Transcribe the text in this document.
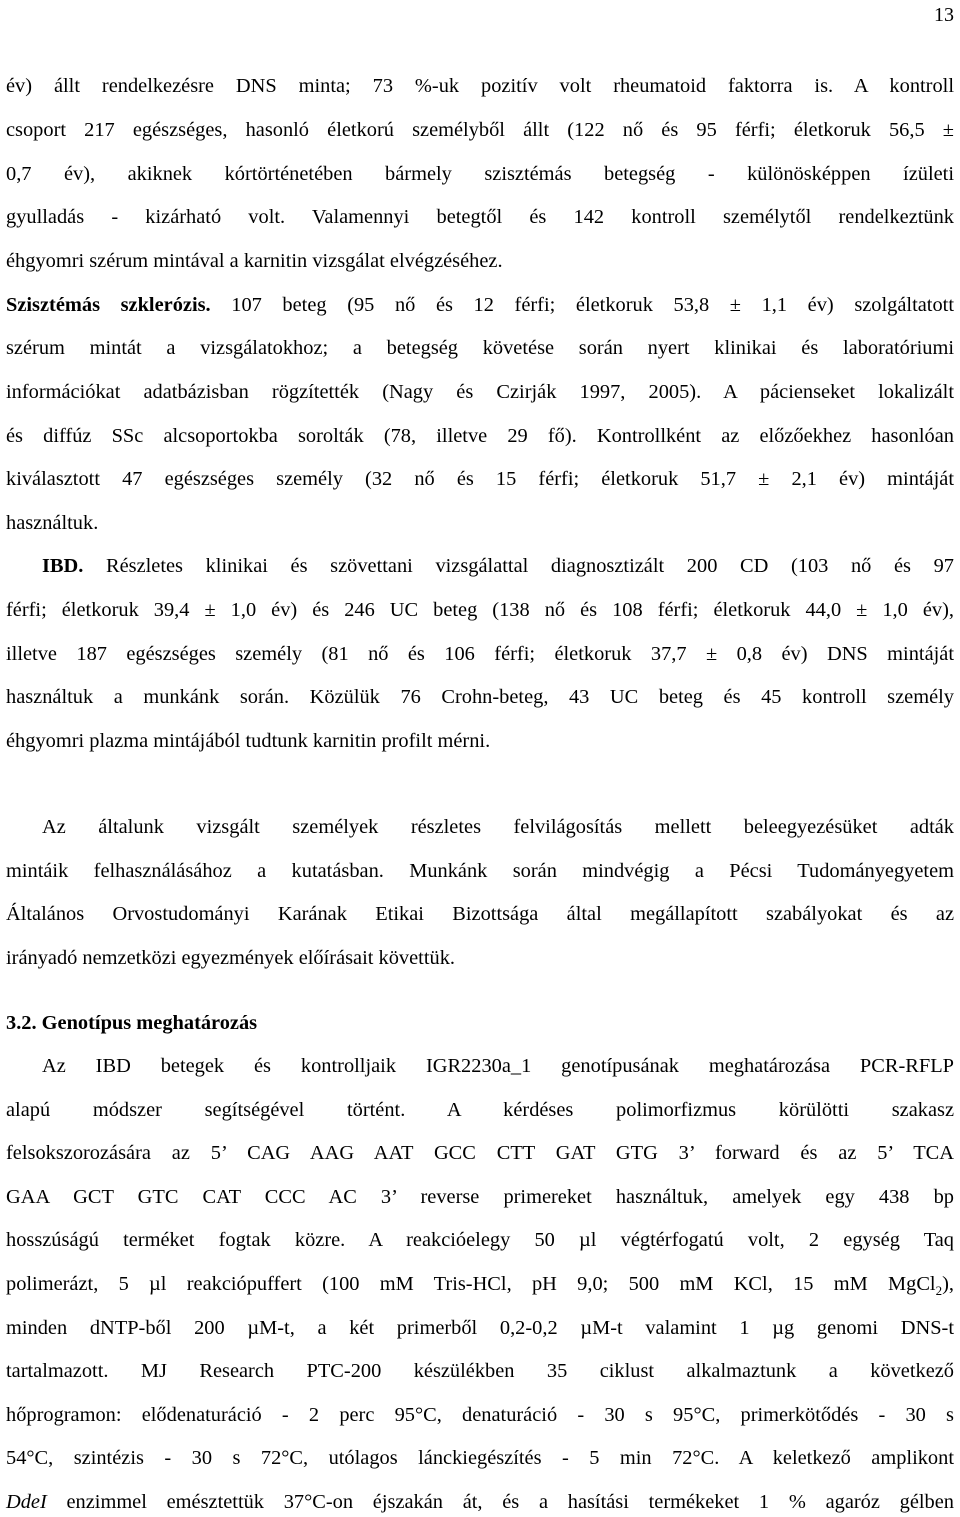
13
év) állt rendelkezésre DNS minta; 73 %-uk pozitív volt rheumatoid faktorra is. A kontroll
csoport 217 egészséges, hasonló életkorú személyből állt (122 nő és 95 férfi; életkoruk 56,5 ±
0,7 év), akiknek kórtörténetében bármely szisztémás betegség - különösképpen ízületi
gyulladás - kizárható volt. Valamennyi betegtől és 142 kontroll személytől rendelkeztünk
éhgyomri szérum mintával a karnitin vizsgálat elvégzéséhez.
Szisztémás szklerózis. 107 beteg (95 nő és 12 férfi; életkoruk 53,8 ± 1,1 év) szolgáltatott
szérum mintát a vizsgálatokhoz; a betegség követése során nyert klinikai és laboratóriumi
információkat adatbázisban rögzítették (Nagy és Czirják 1997, 2005). A pácienseket lokalizált
és diffúz SSc alcsoportokba sorolták (78, illetve 29 fő). Kontrollként az előzőekhez hasonlóan
kiválasztott 47 egészséges személy (32 nő és 15 férfi; életkoruk 51,7 ± 2,1 év) mintáját
használtuk.
IBD. Részletes klinikai és szövettani vizsgálattal diagnosztizált 200 CD (103 nő és 97
férfi; életkoruk 39,4 ± 1,0 év) és 246 UC beteg (138 nő és 108 férfi; életkoruk 44,0 ± 1,0 év),
illetve 187 egészséges személy (81 nő és 106 férfi; életkoruk 37,7 ± 0,8 év) DNS mintáját
használtuk a munkánk során. Közülük 76 Crohn-beteg, 43 UC beteg és 45 kontroll személy
éhgyomri plazma mintájából tudtunk karnitin profilt mérni.
Az általunk vizsgált személyek részletes felvilágosítás mellett beleegyezésüket adták
mintáik felhasználásához a kutatásban. Munkánk során mindvégig a Pécsi Tudományegyetem
Általános Orvostudományi Karának Etikai Bizottsága által megállapított szabályokat és az
irányadó nemzetközi egyezmények előírásait követtük.
3.2. Genotípus meghatározás
Az IBD betegek és kontrolljaik IGR2230a_1 genotípusának meghatározása PCR-RFLP
alapú módszer segítségével történt. A kérdéses polimorfizmus körülötti szakasz
felsokszorozására az 5’ CAG AAG AAT GCC CTT GAT GTG 3’ forward és az 5’ TCA
GAA GCT GTC CAT CCC AC 3’ reverse primereket használtuk, amelyek egy 438 bp
hosszúságú terméket fogtak közre. A reakcióelegy 50 µl végtérfogatú volt, 2 egység Taq
polimerázt, 5 µl reakciópuffert (100 mM Tris-HCl, pH 9,0; 500 mM KCl, 15 mM MgCl$_2$),
minden dNTP-ből 200 µM-t, a két primerből 0,2-0,2 µM-t valamint 1 µg genomi DNS-t
tartalmazott. MJ Research PTC-200 készülékben 35 ciklust alkalmaztunk a következő
hőprogramon: elődenaturáció - 2 perc 95°C, denaturáció - 30 s 95°C, primerkötődés - 30 s
54°C, szintézis - 30 s 72°C, utólagos lánckiegészítés - 5 min 72°C. A keletkező amplikont
DdeI enzimmel emésztettük 37°C-on éjszakán át, és a hasítási termékeket 1 % agaróz gélben
